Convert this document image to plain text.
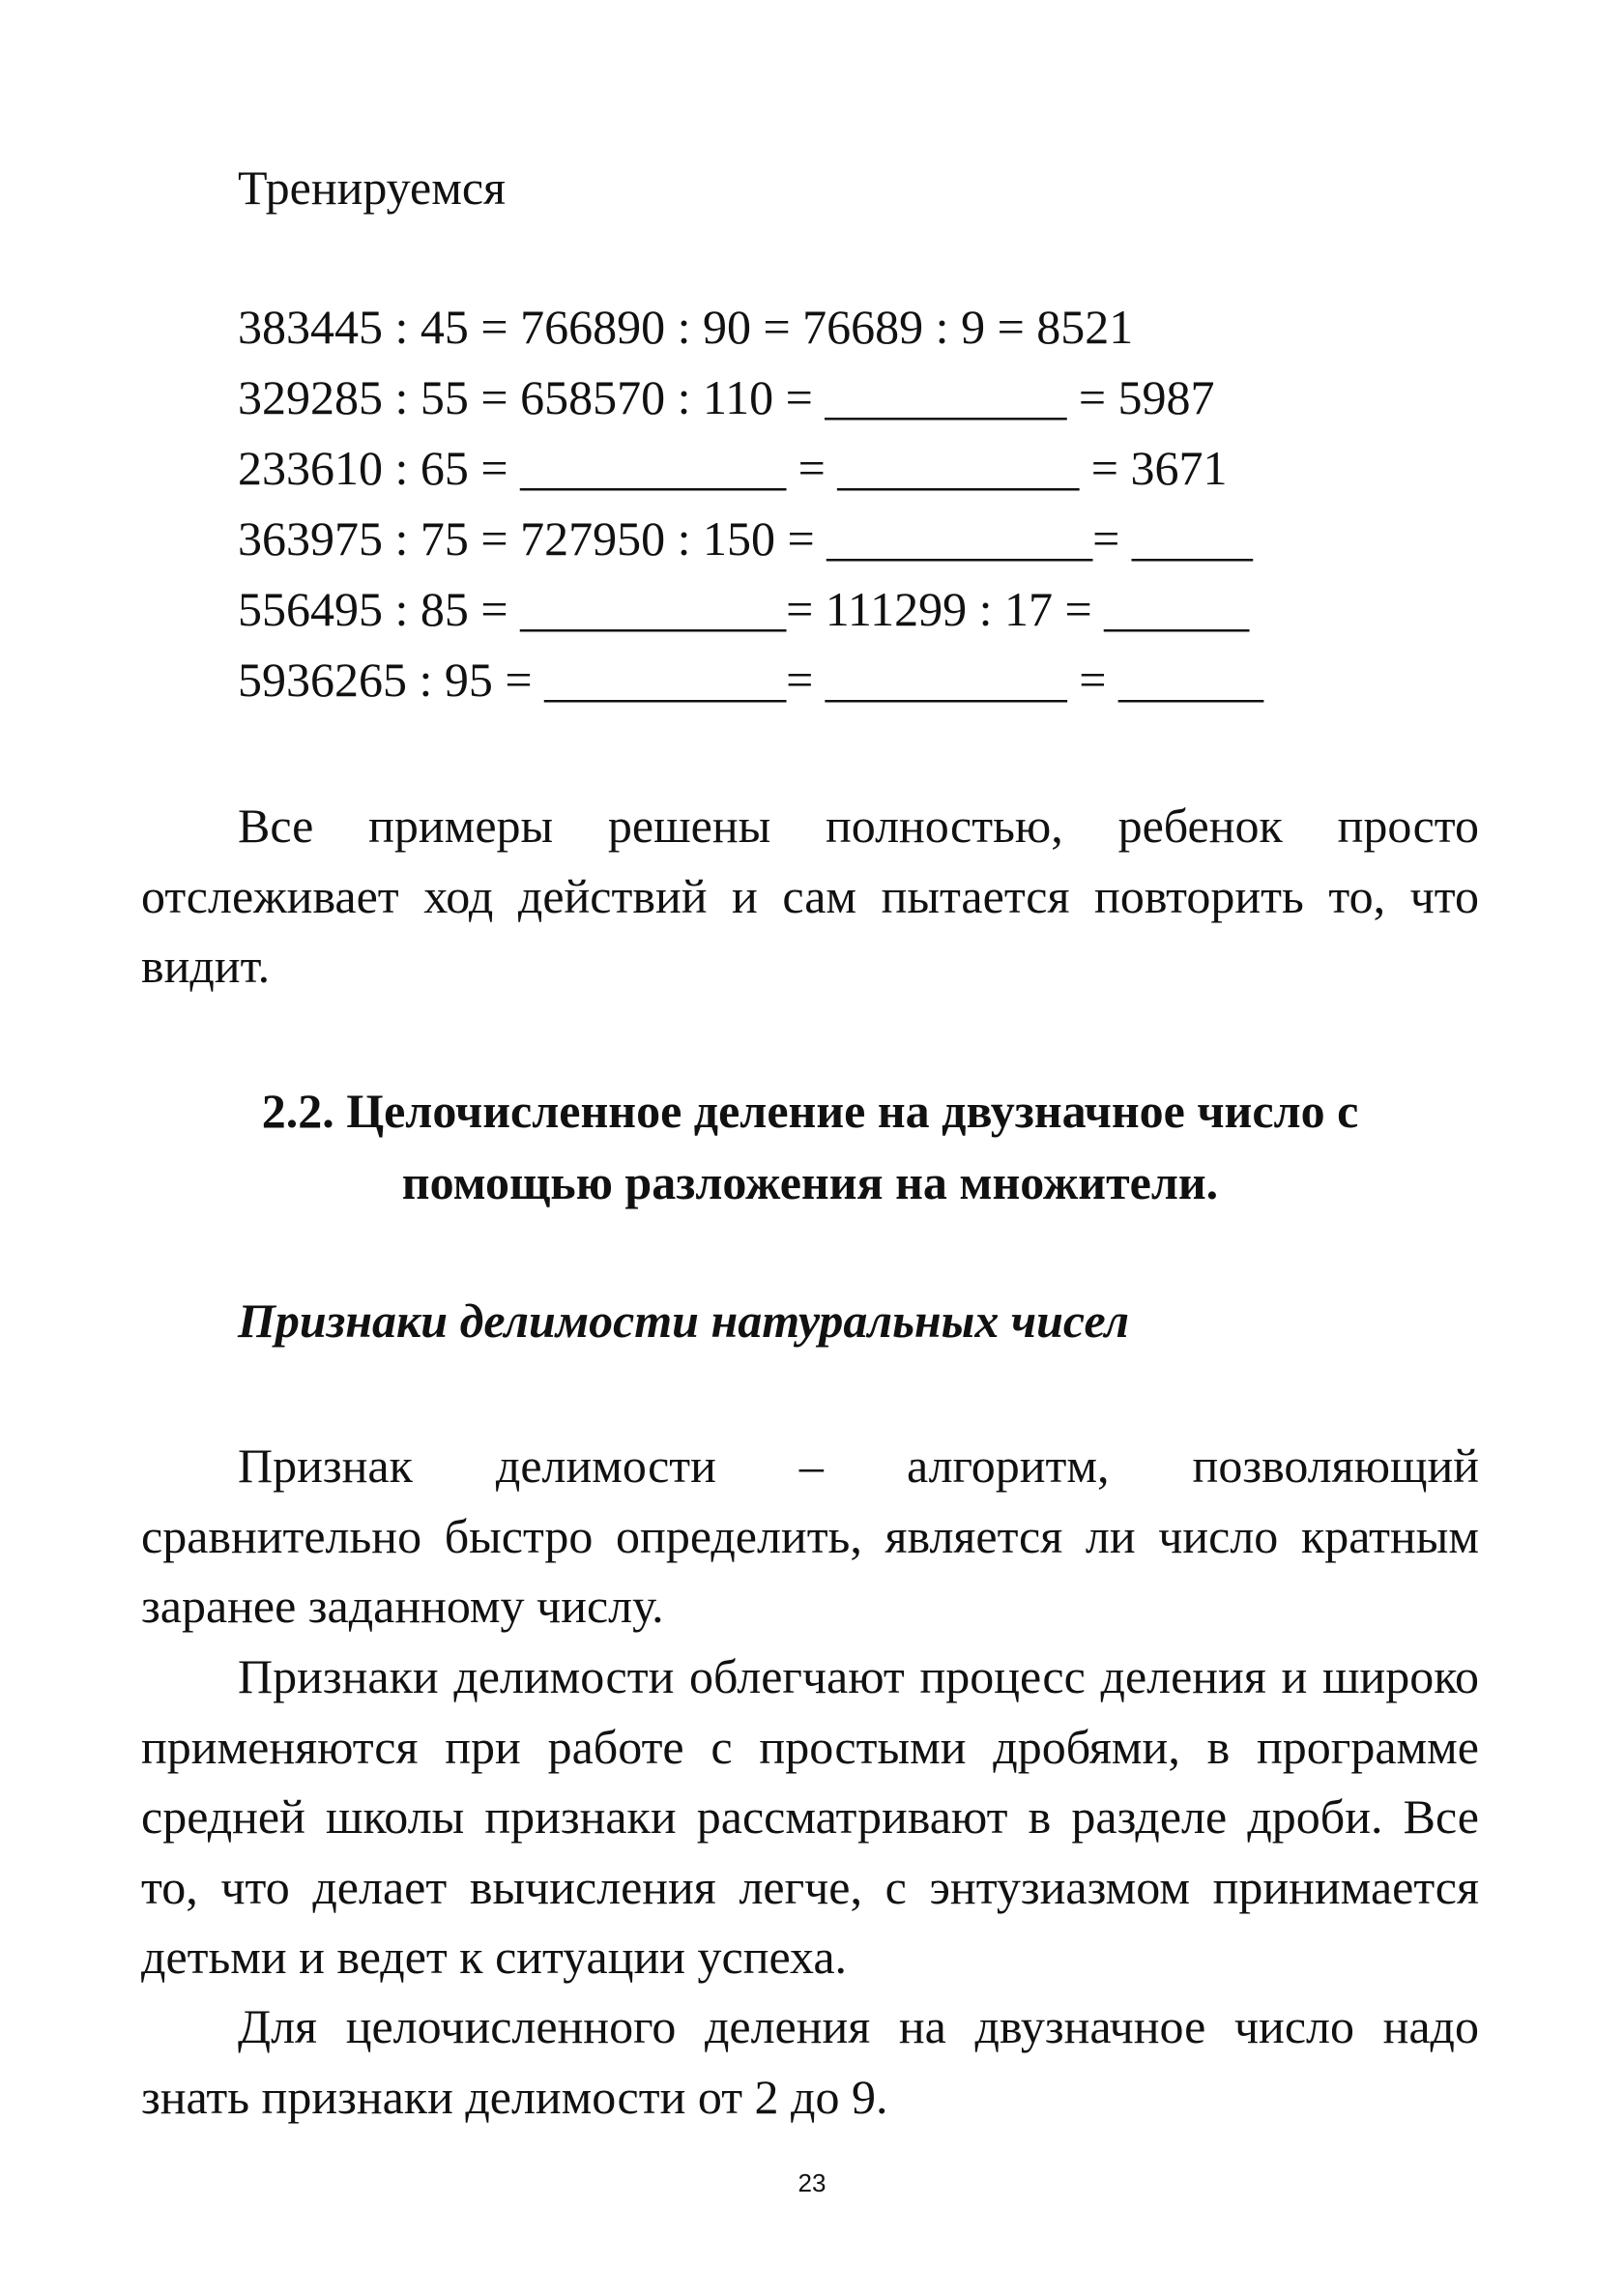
Тренируемся
383445 : 45 = 766890 : 90 = 76689 : 9 = 8521
329285 : 55 = 658570 : 110 = __________ = 5987
233610 : 65 = ___________ = __________ = 3671
363975 : 75 = 727950 : 150 = ___________= _____
556495 : 85 = ___________= 111299 : 17 = ______
5936265 : 95 = __________= __________ = ______

Все примеры решены полностью, ребенок просто отслеживает ход действий и сам пытается повторить то, что видит.

2.2. Целочисленное деление на двузначное число с
помощью разложения на множители.
Признаки делимости натуральных чисел

Признак делимости – алгоритм, позволяющий сравнительно быстро определить, является ли число кратным заранее заданному числу.

Признаки делимости облегчают процесс деления и широко применяются при работе с простыми дробями, в программе средней школы признаки рассматривают в разделе дроби. Все то, что делает вычисления легче, с энтузиазмом принимается детьми и ведет к ситуации успеха.

Для целочисленного деления на двузначное число надо знать признаки делимости от 2 до 9.

23
